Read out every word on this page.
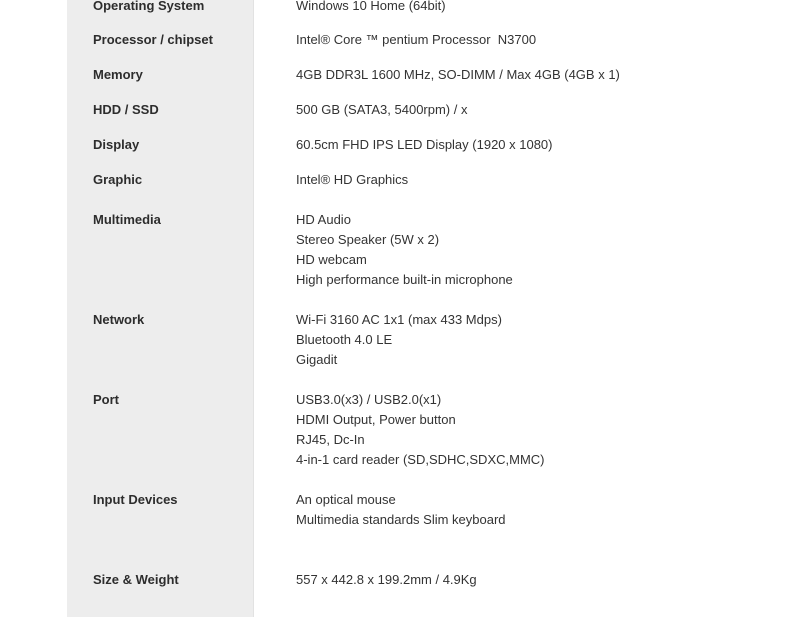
Operating System	Windows 10 Home (64bit)
Processor / chipset	Intel® Core ™ pentium Processor  N3700
Memory	4GB DDR3L 1600 MHz, SO-DIMM / Max 4GB (4GB x 1)
HDD / SSD	500 GB (SATA3, 5400rpm) / x
Display	60.5cm FHD IPS LED Display (1920 x 1080)
Graphic	Intel® HD Graphics
Multimedia	HD Audio
Stereo Speaker (5W x 2)
HD webcam
High performance built-in microphone
Network	Wi-Fi 3160 AC 1x1 (max 433 Mdps)
Bluetooth 4.0 LE
Gigadit
Port	USB3.0(x3) / USB2.0(x1)
HDMI Output, Power button
RJ45, Dc-In
4-in-1 card reader (SD,SDHC,SDXC,MMC)
Input Devices	An optical mouse
Multimedia standards Slim keyboard
Size & Weight	557 x 442.8 x 199.2mm / 4.9Kg
